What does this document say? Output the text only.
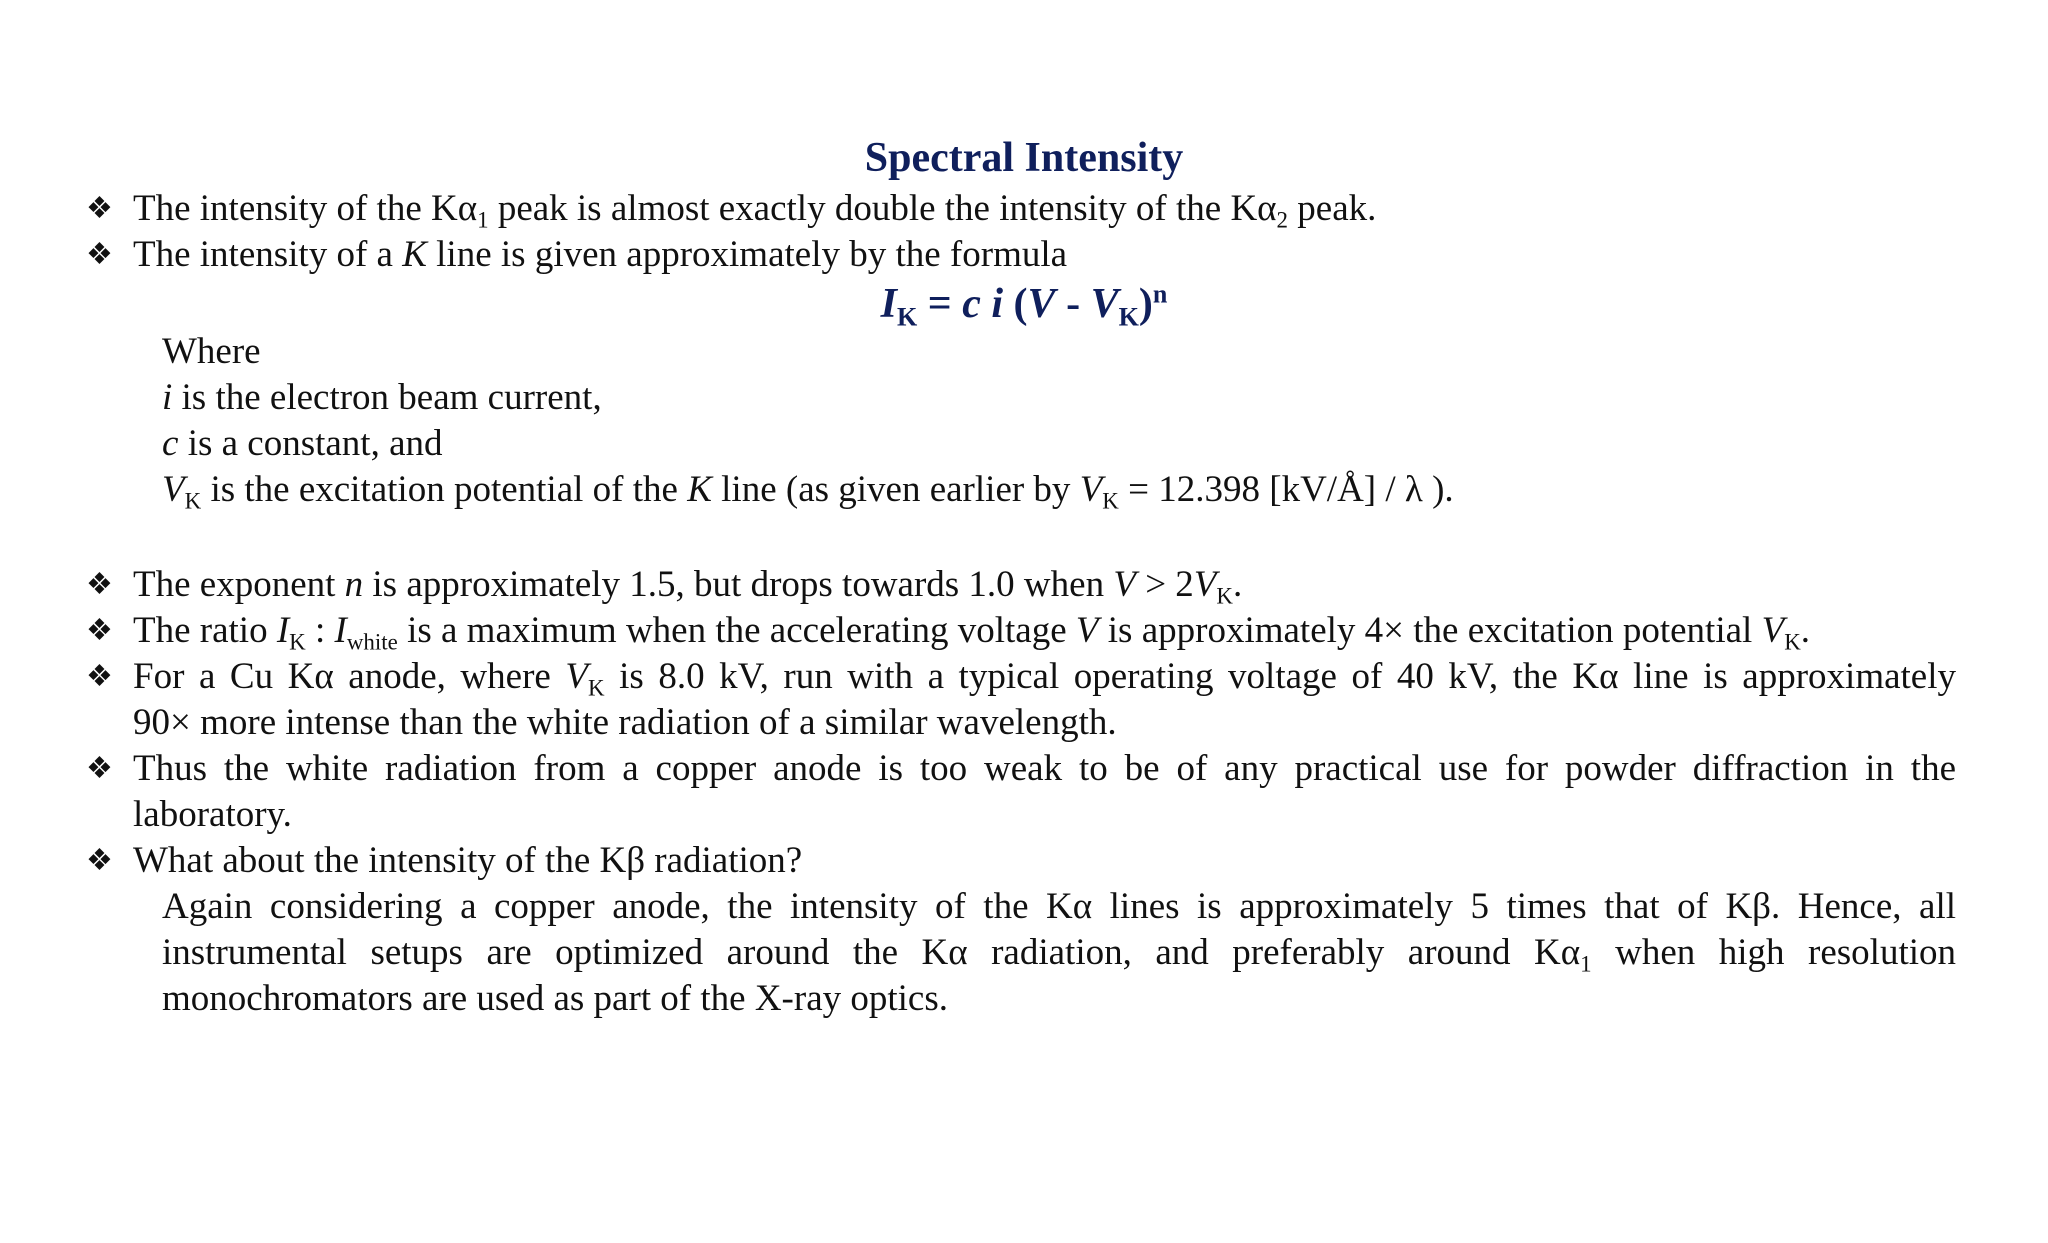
Spectral Intensity
❖ The intensity of the $K\alpha_1$ peak is almost exactly double the intensity of the $K\alpha_2$ peak.
❖ The intensity of a K line is given approximately by the formula
$I_K = c$ i $(V - V_K)^n$
Where
i is the electron beam current,
c is a constant, and
$V_K$ is the excitation potential of the K line (as given earlier by $V_K = 12.398$ [kV/Å] / λ ).
❖ The exponent n is approximately 1.5, but drops towards 1.0 when $V > 2V_K$.
❖ The ratio $I_K$ : $I_{white}$ is a maximum when the accelerating voltage V is approximately 4× the excitation potential $V_K$.
❖ For a Cu Kα anode, where $V_K$ is 8.0 kV, run with a typical operating voltage of 40 kV, the Kα line is approximately
90× more intense than the white radiation of a similar wavelength.
❖ Thus the white radiation from a copper anode is too weak to be of any practical use for powder diffraction in the
laboratory.
❖ What about the intensity of the Kβ radiation?
Again considering a copper anode, the intensity of the Kα lines is approximately 5 times that of Kβ. Hence, all
instrumental setups are optimized around the Kα radiation, and preferably around $K\alpha_1$ when high resolution
monochromators are used as part of the X-ray optics.
